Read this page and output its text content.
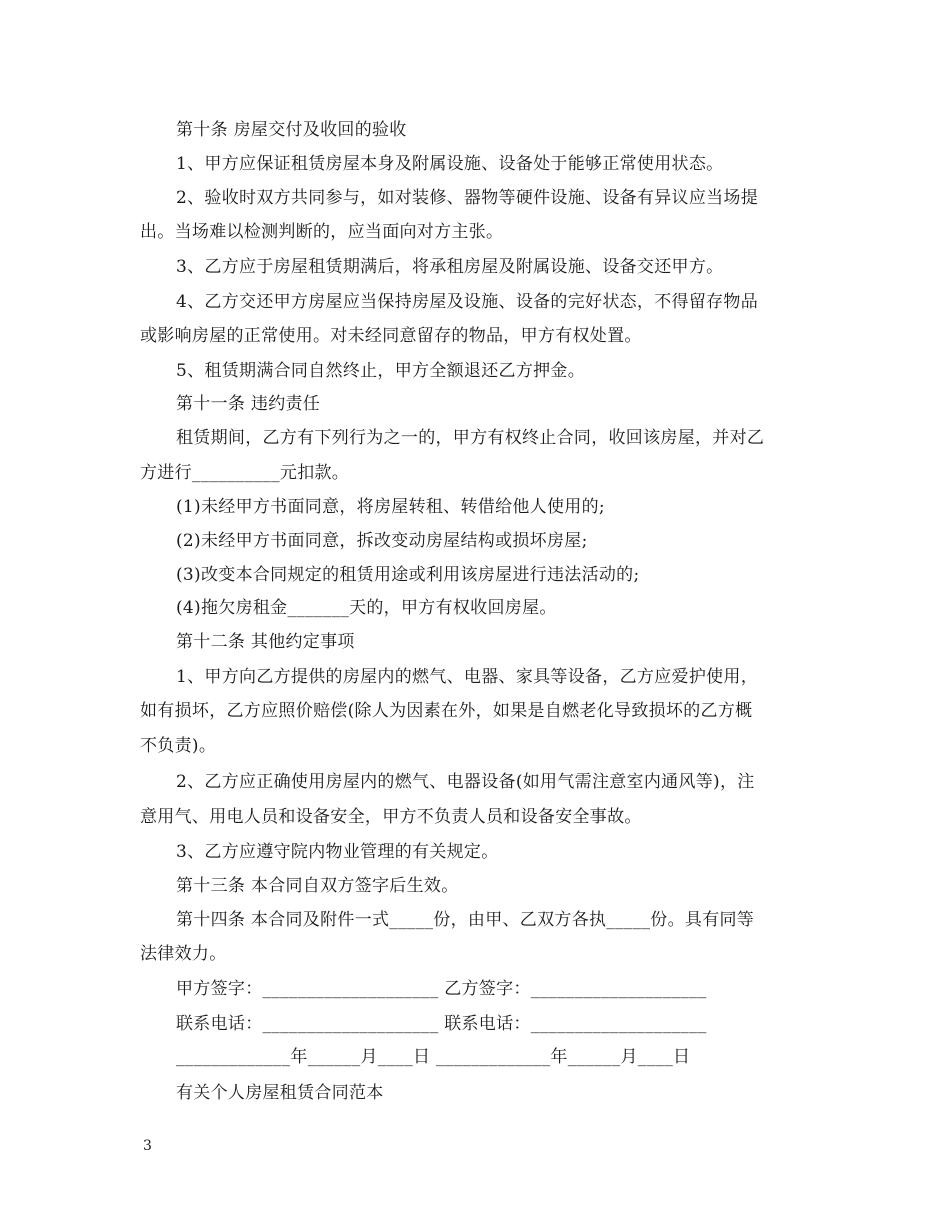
第十条 房屋交付及收回的验收
1、甲方应保证租赁房屋本身及附属设施、设备处于能够正常使用状态。
2、验收时双方共同参与，如对装修、器物等硬件设施、设备有异议应当场提
出。当场难以检测判断的，应当面向对方主张。
3、乙方应于房屋租赁期满后，将承租房屋及附属设施、设备交还甲方。
4、乙方交还甲方房屋应当保持房屋及设施、设备的完好状态，不得留存物品
或影响房屋的正常使用。对未经同意留存的物品，甲方有权处置。
5、租赁期满合同自然终止，甲方全额退还乙方押金。
第十一条 违约责任
租赁期间，乙方有下列行为之一的，甲方有权终止合同，收回该房屋，并对乙
方进行__________元扣款。
(1)未经甲方书面同意，将房屋转租、转借给他人使用的;
(2)未经甲方书面同意，拆改变动房屋结构或损坏房屋;
(3)改变本合同规定的租赁用途或利用该房屋进行违法活动的;
(4)拖欠房租金_______天的，甲方有权收回房屋。
第十二条 其他约定事项
1、甲方向乙方提供的房屋内的燃气、电器、家具等设备，乙方应爱护使用，
如有损坏，乙方应照价赔偿(除人为因素在外，如果是自燃老化导致损坏的乙方概
不负责)。
2、乙方应正确使用房屋内的燃气、电器设备(如用气需注意室内通风等)，注
意用气、用电人员和设备安全，甲方不负责人员和设备安全事故。
3、乙方应遵守院内物业管理的有关规定。
第十三条 本合同自双方签字后生效。
第十四条 本合同及附件一式_____份，由甲、乙双方各执_____份。具有同等
法律效力。
甲方签字：____________________ 乙方签字：____________________
联系电话：____________________ 联系电话：____________________
_____________年______月____日 _____________年______月____日
有关个人房屋租赁合同范本
3
